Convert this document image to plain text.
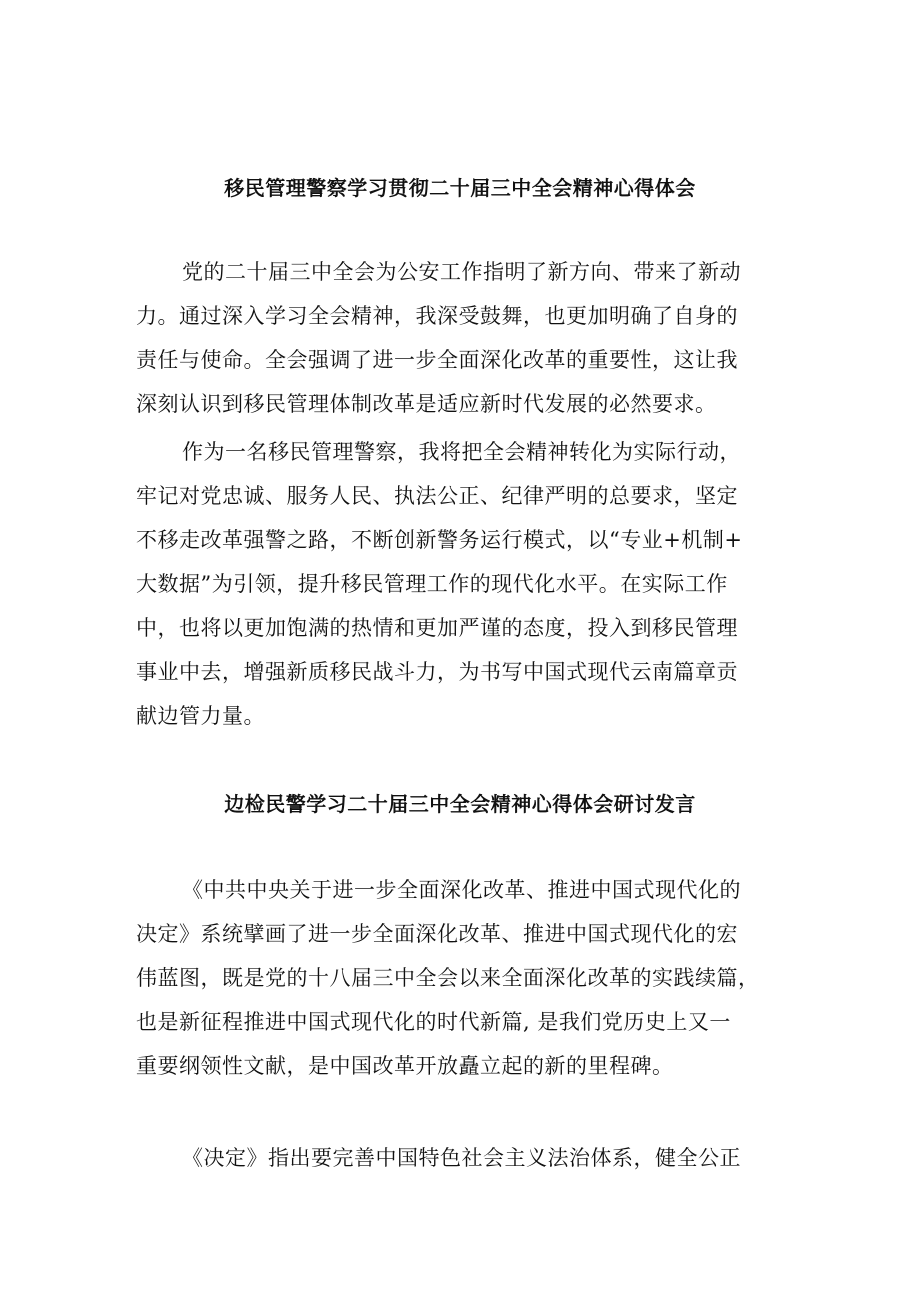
移民管理警察学习贯彻二十届三中全会精神心得体会
党的二十届三中全会为公安工作指明了新方向、带来了新动
力。通过深入学习全会精神，我深受鼓舞，也更加明确了自身的
责任与使命。全会强调了进一步全面深化改革的重要性，这让我
深刻认识到移民管理体制改革是适应新时代发展的必然要求。
作为一名移民管理警察，我将把全会精神转化为实际行动，
牢记对党忠诚、服务人民、执法公正、纪律严明的总要求，坚定
不移走改革强警之路，不断创新警务运行模式，以“专业+机制+
大数据”为引领，提升移民管理工作的现代化水平。在实际工作
中，也将以更加饱满的热情和更加严谨的态度，投入到移民管理
事业中去，增强新质移民战斗力，为书写中国式现代云南篇章贡
献边管力量。
边检民警学习二十届三中全会精神心得体会研讨发言
《中共中央关于进一步全面深化改革、推进中国式现代化的
决定》系统擘画了进一步全面深化改革、推进中国式现代化的宏
伟蓝图，既是党的十八届三中全会以来全面深化改革的实践续篇，
也是新征程推进中国式现代化的时代新篇, 是我们党历史上又一
重要纲领性文献，是中国改革开放矗立起的新的里程碑。
《决定》指出要完善中国特色社会主义法治体系，健全公正
